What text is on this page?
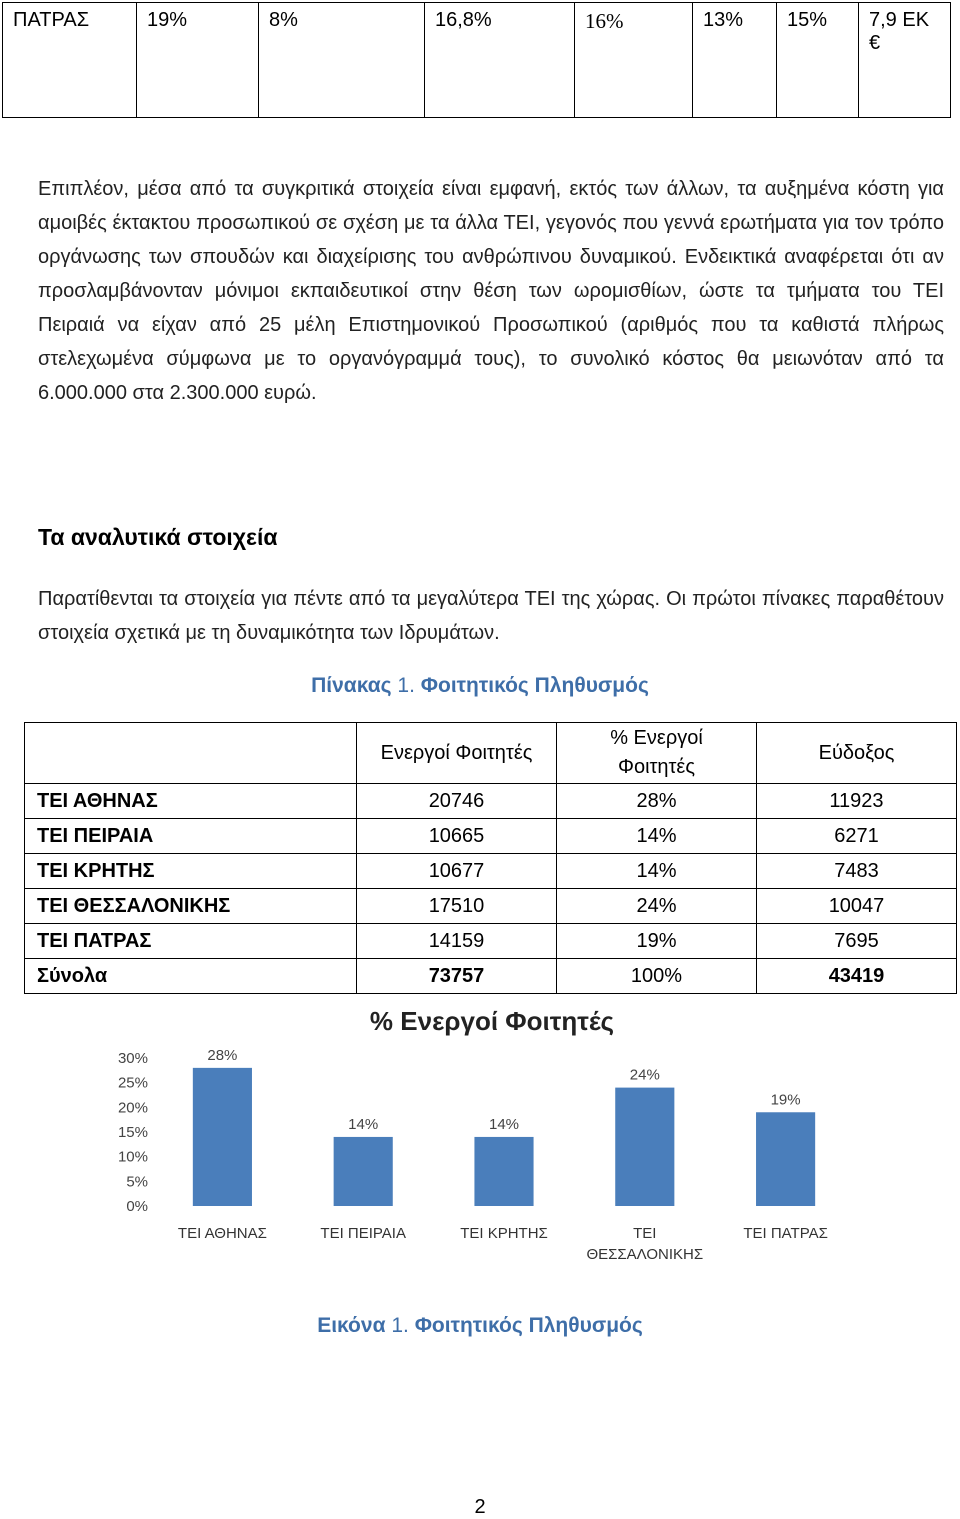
ΠΑΤΡΑΣ	19%	8%	16,8%	16%	13%	15%	7,9 ΕΚ €

Επιπλέον, μέσα από τα συγκριτικά στοιχεία είναι εμφανή, εκτός των άλλων, τα αυξημένα κόστη για αμοιβές έκτακτου προσωπικού σε σχέση με τα άλλα ΤΕΙ, γεγονός που γεννά ερωτήματα για τον τρόπο οργάνωσης των σπουδών και διαχείρισης του ανθρώπινου δυναμικού. Ενδεικτικά αναφέρεται ότι αν προσλαμβάνονταν μόνιμοι εκπαιδευτικοί στην θέση των ωρομισθίων, ώστε τα τμήματα του ΤΕΙ Πειραιά να είχαν από 25 μέλη Επιστημονικού Προσωπικού (αριθμός που τα καθιστά πλήρως στελεχωμένα σύμφωνα με το οργανόγραμμά τους), το συνολικό κόστος θα μειωνόταν από τα 6.000.000 στα 2.300.000 ευρώ.

Τα αναλυτικά στοιχεία

Παρατίθενται τα στοιχεία για πέντε από τα μεγαλύτερα ΤΕΙ της χώρας. Οι πρώτοι πίνακες παραθέτουν στοιχεία σχετικά με τη δυναμικότητα των Ιδρυμάτων.

Πίνακας 1. Φοιτητικός Πληθυσμός

	Ενεργοί Φοιτητές	% Ενεργοί Φοιτητές	Εύδοξος
ΤΕΙ ΑΘΗΝΑΣ	20746	28%	11923
ΤΕΙ ΠΕΙΡΑΙΑ	10665	14%	6271
ΤΕΙ ΚΡΗΤΗΣ	10677	14%	7483
ΤΕΙ ΘΕΣΣΑΛΟΝΙΚΗΣ	17510	24%	10047
ΤΕΙ ΠΑΤΡΑΣ	14159	19%	7695
Σύνολα	73757	100%	43419
% Ενεργοί Φοιτητές
0%
5%
10%
15%
20%
25%
30%	28%
14%	14%
24%
19%
ΤΕΙ ΑΘΗΝΑΣ	ΤΕΙ ΠΕΙΡΑΙΑ	ΤΕΙ ΚΡΗΤΗΣ	ΤΕΙ
ΘΕΣΣΑΛΟΝΙΚΗΣ
ΤΕΙ ΠΑΤΡΑΣ

Εικόνα 1. Φοιτητικός Πληθυσμός

2
